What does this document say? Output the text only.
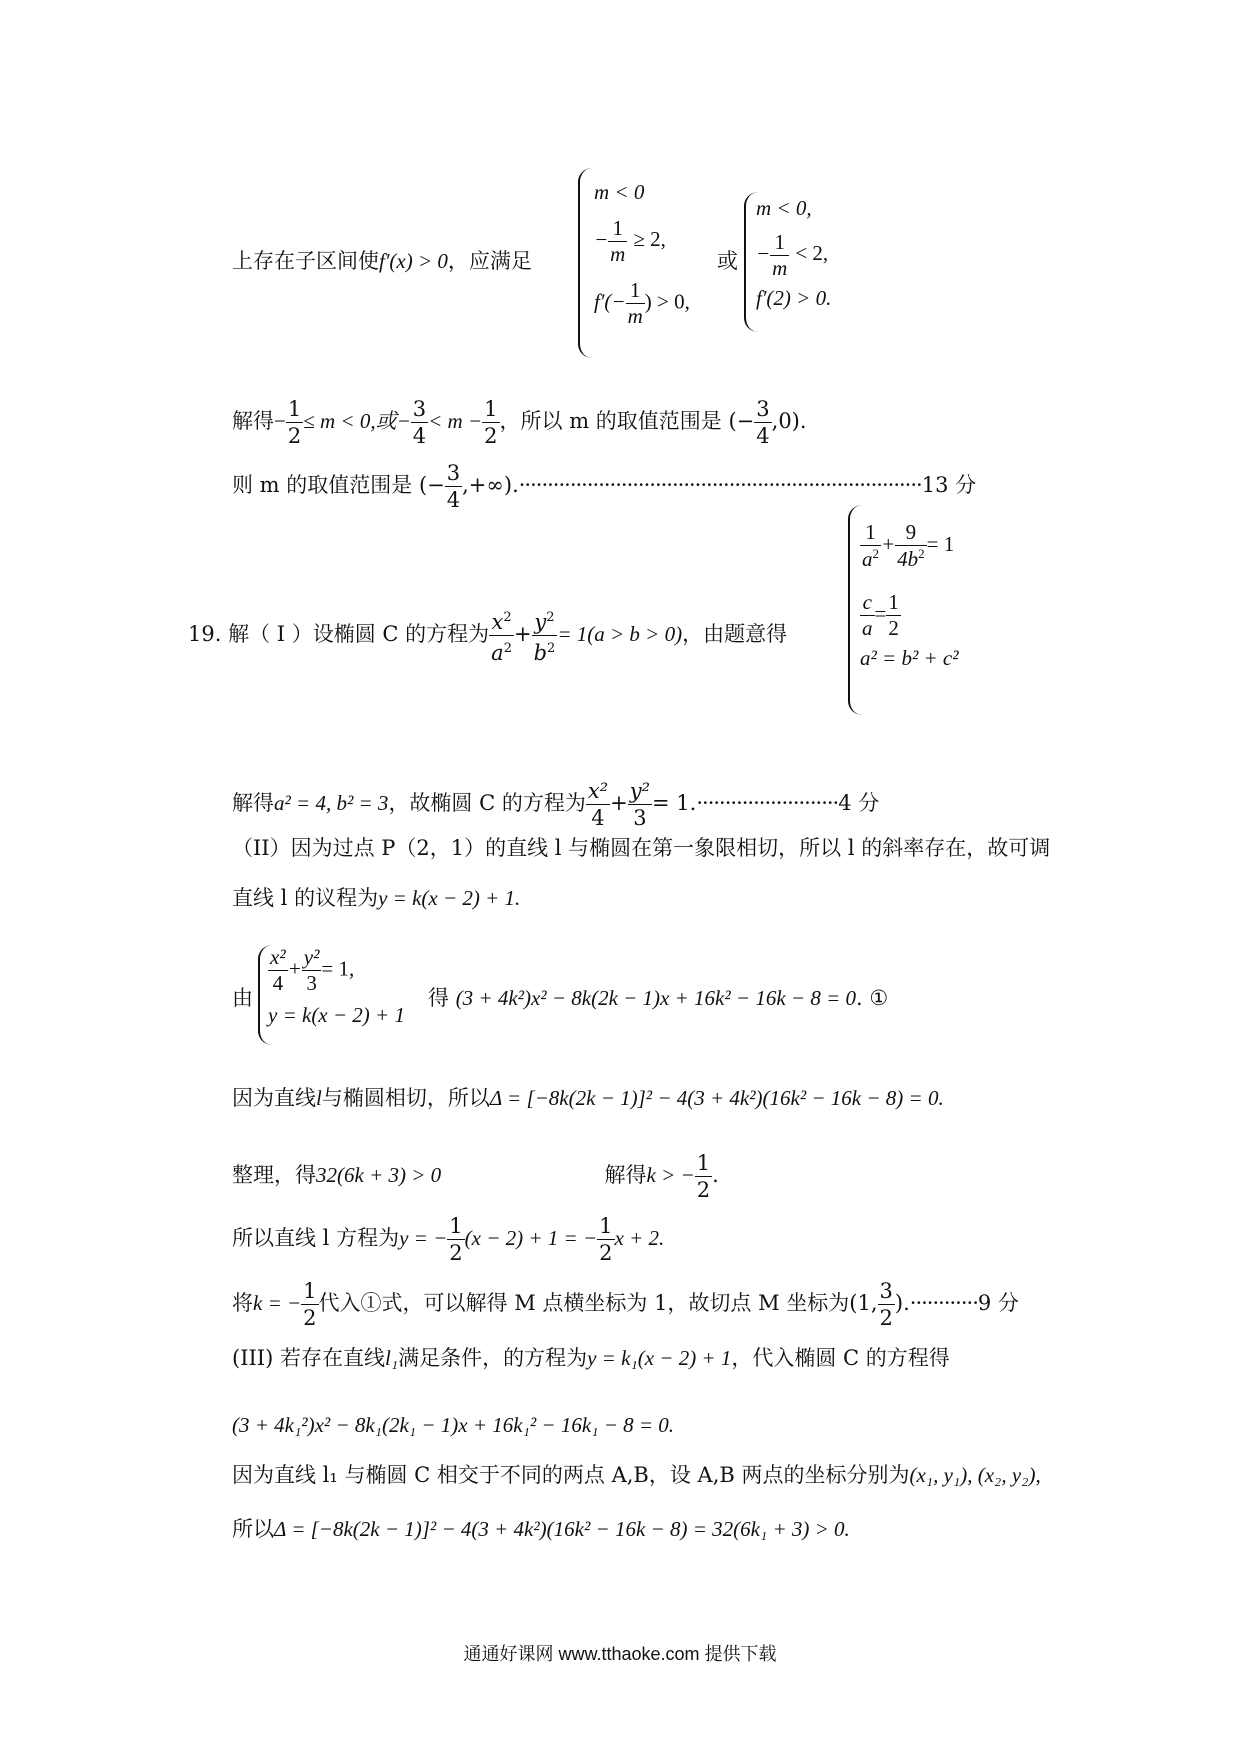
上存在子区间使f′(x) > 0，应满足
m < 0
− $\frac{1}{m} \ge 2$,
$f'(- \frac{1}{m}$ ) > 0,
或
m < 0,
− $\frac{1}{m} < 2$,
f′(2) > 0.
解得− $\frac{1}{2} \le m < 0$,或− $\frac{3}{4} < m - \frac{1}{2}$ ，所以 m 的取值范围是 (− $\frac{3}{4} ,0$).
则 m 的取值范围是 (− $\frac{3}{4} ,+\infty).\cdot\cdot\cdot\cdot\cdot\cdot\cdot\cdot\cdot\cdot\cdot\cdot\cdot\cdot\cdot\cdot\cdot\cdot\cdot\cdot\cdot\cdot\cdot\cdot\cdot\cdot\cdot\cdot\cdot\cdot\cdot\cdot\cdot\cdot\cdot\cdot\cdot\cdot\cdot\cdot\cdot\cdot\cdot\cdot\cdot\cdot\cdot\cdot\cdot\cdot\cdot\cdot\cdot\cdot\cdot\cdot\cdot\cdot\cdot\cdot\cdot\cdot\cdot\cdot\cdot\cdot\cdot\cdot\cdot\cdot\cdot 13$ 分
19. 解（ I ）设椭圆 C 的方程为 $\frac{x^2}{a^2} + \frac{y^2}{b^2} = 1(a > b > 0)$，由题意得
$\frac{1}{a^2} + \frac{9}{4b^2} = 1$
$\frac{c}{a} = \frac{1}{2}$
a² = b² + c²
解得a² = 4, b² = 3，故椭圆 C 的方程为 $\frac{\text{x²}}{4} + \frac{\text{y²}}{3} = 1.\cdot\cdot\cdot\cdot\cdot\cdot\cdot\cdot\cdot\cdot\cdot\cdot\cdot\cdot\cdot\cdot\cdot\cdot\cdot\cdot\cdot\cdot\cdot\cdot\cdot 4$ 分
（II）因为过点 P（2，1）的直线 l 与椭圆在第一象限相切，所以 l 的斜率存在，故可调
直线 l 的议程为y = k(x − 2) + 1.
由
$\frac{\text{x²}}{4} + \frac{\text{y²}}{3} = 1$,
y = k(x − 2) + 1
得 (3 + 4k²)x² − 8k(2k − 1)x + 16k² − 16k − 8 = 0. ①
因为直线l与椭圆相切，所以Δ = [−8k(2k − 1)]² − 4(3 + 4k²)(16k² − 16k − 8) = 0.
整理，得32(6k + 3) > 0	解得k > − $\frac{1}{2}$ .
所以直线 l 方程为y = − $\frac{1}{2} (x - 2) + 1$ = − $\frac{1}{2}$ x + 2.
将k = − $\frac{1}{2}$ 代入①式，可以解得 M 点横坐标为 1，故切点 M 坐标为(1, $\frac{3}{2} ).\cdot\cdot\cdot\cdot\cdot\cdot\cdot\cdot\cdot\cdot\cdot\cdot 9$ 分
(III) 若存在直线l₁满足条件，的方程为y = k₁(x − 2) + 1，代入椭圆 C 的方程得
(3 + 4k₁²)x² − 8k₁(2k₁ − 1)x + 16k₁² − 16k₁ − 8 = 0.
因为直线 l₁ 与椭圆 C 相交于不同的两点 A,B，设 A,B 两点的坐标分别为(x₁, y₁), (x₂, y₂),
所以Δ = [−8k(2k − 1)]² − 4(3 + 4k²)(16k² − 16k − 8) = 32(6k₁ + 3) > 0.
通通好课网 www.tthaoke.com 提供下载
